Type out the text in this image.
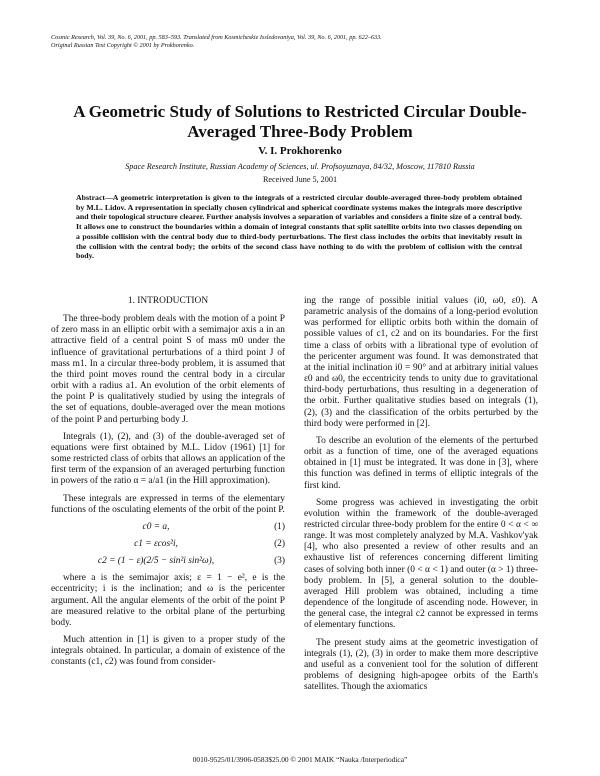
Cosmic Research, Vol. 39, No. 6, 2001, pp. 583–593. Translated from Kosmicheskie Issledovaniya, Vol. 39, No. 6, 2001, pp. 622–633.
Original Russian Text Copyright © 2001 by Prokhorenko.
A Geometric Study of Solutions to Restricted Circular Double-Averaged Three-Body Problem
V. I. Prokhorenko
Space Research Institute, Russian Academy of Sciences, ul. Profsoyuznaya, 84/32, Moscow, 117810 Russia
Received June 5, 2001
Abstract—A geometric interpretation is given to the integrals of a restricted circular double-averaged three-body problem obtained by M.L. Lidov. A representation in specially chosen cylindrical and spherical coordinate systems makes the integrals more descriptive and their topological structure clearer. Further analysis involves a separation of variables and considers a finite size of a central body. It allows one to construct the boundaries within a domain of integral constants that split satellite orbits into two classes depending on a possible collision with the central body due to third-body perturbations. The first class includes the orbits that inevitably result in the collision with the central body; the orbits of the second class have nothing to do with the problem of collision with the central body.
1. INTRODUCTION

The three-body problem deals with the motion of a point P of zero mass in an elliptic orbit with a semimajor axis a in an attractive field of a central point S of mass m0 under the influence of gravitational perturbations of a third point J of mass m1. In a circular three-body problem, it is assumed that the third point moves round the central body in a circular orbit with a radius a1. An evolution of the orbit elements of the point P is qualitatively studied by using the integrals of the set of equations, double-averaged over the mean motions of the point P and perturbing body J.

Integrals (1), (2), and (3) of the double-averaged set of equations were first obtained by M.L. Lidov (1961) [1] for some restricted class of orbits that allows an application of the first term of the expansion of an averaged perturbing function in powers of the ratio α = a/a1 (in the Hill approximation).

These integrals are expressed in terms of the elementary functions of the osculating elements of the orbit of the point P.

c0 = a,	(1)
c1 = εcos²i,	(2)
c2 = (1 − ε)(2/5 − sin²i sin²ω),	(3)

where a is the semimajor axis; ε = 1 − e², e is the eccentricity; i is the inclination; and ω is the pericenter argument. All the angular elements of the orbit of the point P are measured relative to the orbital plane of the perturbing body.

Much attention in [1] is given to a proper study of the integrals obtained. In particular, a domain of existence of the constants (c1, c2) was found from consider-

ing the range of possible initial values (i0, ω0, ε0). A parametric analysis of the domains of a long-period evolution was performed for elliptic orbits both within the domain of possible values of c1, c2 and on its boundaries. For the first time a class of orbits with a librational type of evolution of the pericenter argument was found. It was demonstrated that at the initial inclination i0 = 90° and at arbitrary initial values ε0 and ω0, the eccentricity tends to unity due to gravitational third-body perturbations, thus resulting in a degeneration of the orbit. Further qualitative studies based on integrals (1), (2), (3) and the classification of the orbits perturbed by the third body were performed in [2].

To describe an evolution of the elements of the perturbed orbit as a function of time, one of the averaged equations obtained in [1] must be integrated. It was done in [3], where this function was defined in terms of elliptic integrals of the first kind.

Some progress was achieved in investigating the orbit evolution within the framework of the double-averaged restricted circular three-body problem for the entire 0 < α < ∞ range. It was most completely analyzed by M.A. Vashkov'yak [4], who also presented a review of other results and an exhaustive list of references concerning different limiting cases of solving both inner (0 < α < 1) and outer (α > 1) three-body problem. In [5], a general solution to the double-averaged Hill problem was obtained, including a time dependence of the longitude of ascending node. However, in the general case, the integral c2 cannot be expressed in terms of elementary functions.

The present study aims at the geometric investigation of integrals (1), (2), (3) in order to make them more descriptive and useful as a convenient tool for the solution of different problems of designing high-apogee orbits of the Earth's satellites. Though the axiomatics

0010-9525/01/3906-0583$25.00 © 2001 MAIK “Nauka /Interperiodica”
